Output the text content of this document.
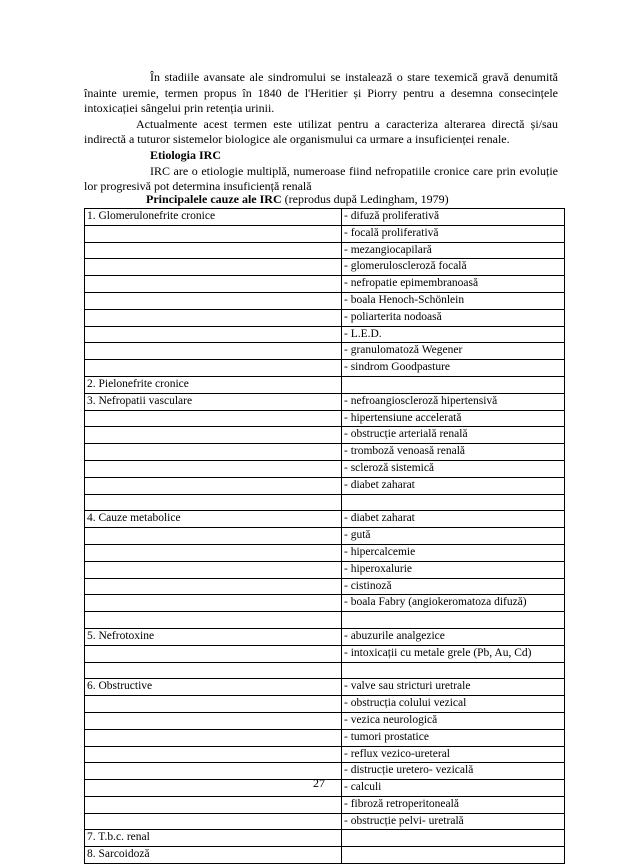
În stadiile avansate ale sindromului se instalează o stare texemică gravă denumită înainte uremie, termen propus în 1840 de l'Heritier și Piorry pentru a desemna consecințele intoxicației sângelui prin retenția urinii.

Actualmente acest termen este utilizat pentru a caracteriza alterarea directă și/sau indirectă a tuturor sistemelor biologice ale organismului ca urmare a insuficienței renale.

Etiologia IRC

IRC are o etiologie multiplă, numeroase fiind nefropatiile cronice care prin evoluție lor progresivă pot determina insuficiență renală

Principalele cauze ale IRC (reprodus după Ledingham, 1979)
1. Glomerulonefrite cronice	- difuză proliferativă
	- focală proliferativă
	- mezangiocapilară
	- glomeruloscleroză focală
	- nefropatie epimembranoasă
	- boala Henoch-Schönlein
	- poliarterita nodoasă
	- L.E.D.
	- granulomatoză Wegener
	- sindrom Goodpasture
2. Pielonefrite cronice	
3. Nefropatii vasculare	- nefroangioscleroză hipertensivă
	- hipertensiune accelerată
	- obstrucție arterială renală
	- tromboză venoasă renală
	- scleroză sistemică
	- diabet zaharat

4. Cauze metabolice	- diabet zaharat
	- gută
	- hipercalcemie
	- hiperoxalurie
	- cistinoză
	- boala Fabry (angiokeromatoza difuză)

5. Nefrotoxine	- abuzurile analgezice
	- intoxicații cu metale grele (Pb, Au, Cd)

6. Obstructive	- valve sau stricturi uretrale
	- obstrucția colului vezical
	- vezica neurologică
	- tumori prostatice
	- reflux vezico-ureteral
	- distrucție uretero- vezicală
	- calculi
	- fibroză retroperitoneală
	- obstrucție pelvi- uretrală
7. T.b.c. renal	
8. Sarcoidoză	
27
